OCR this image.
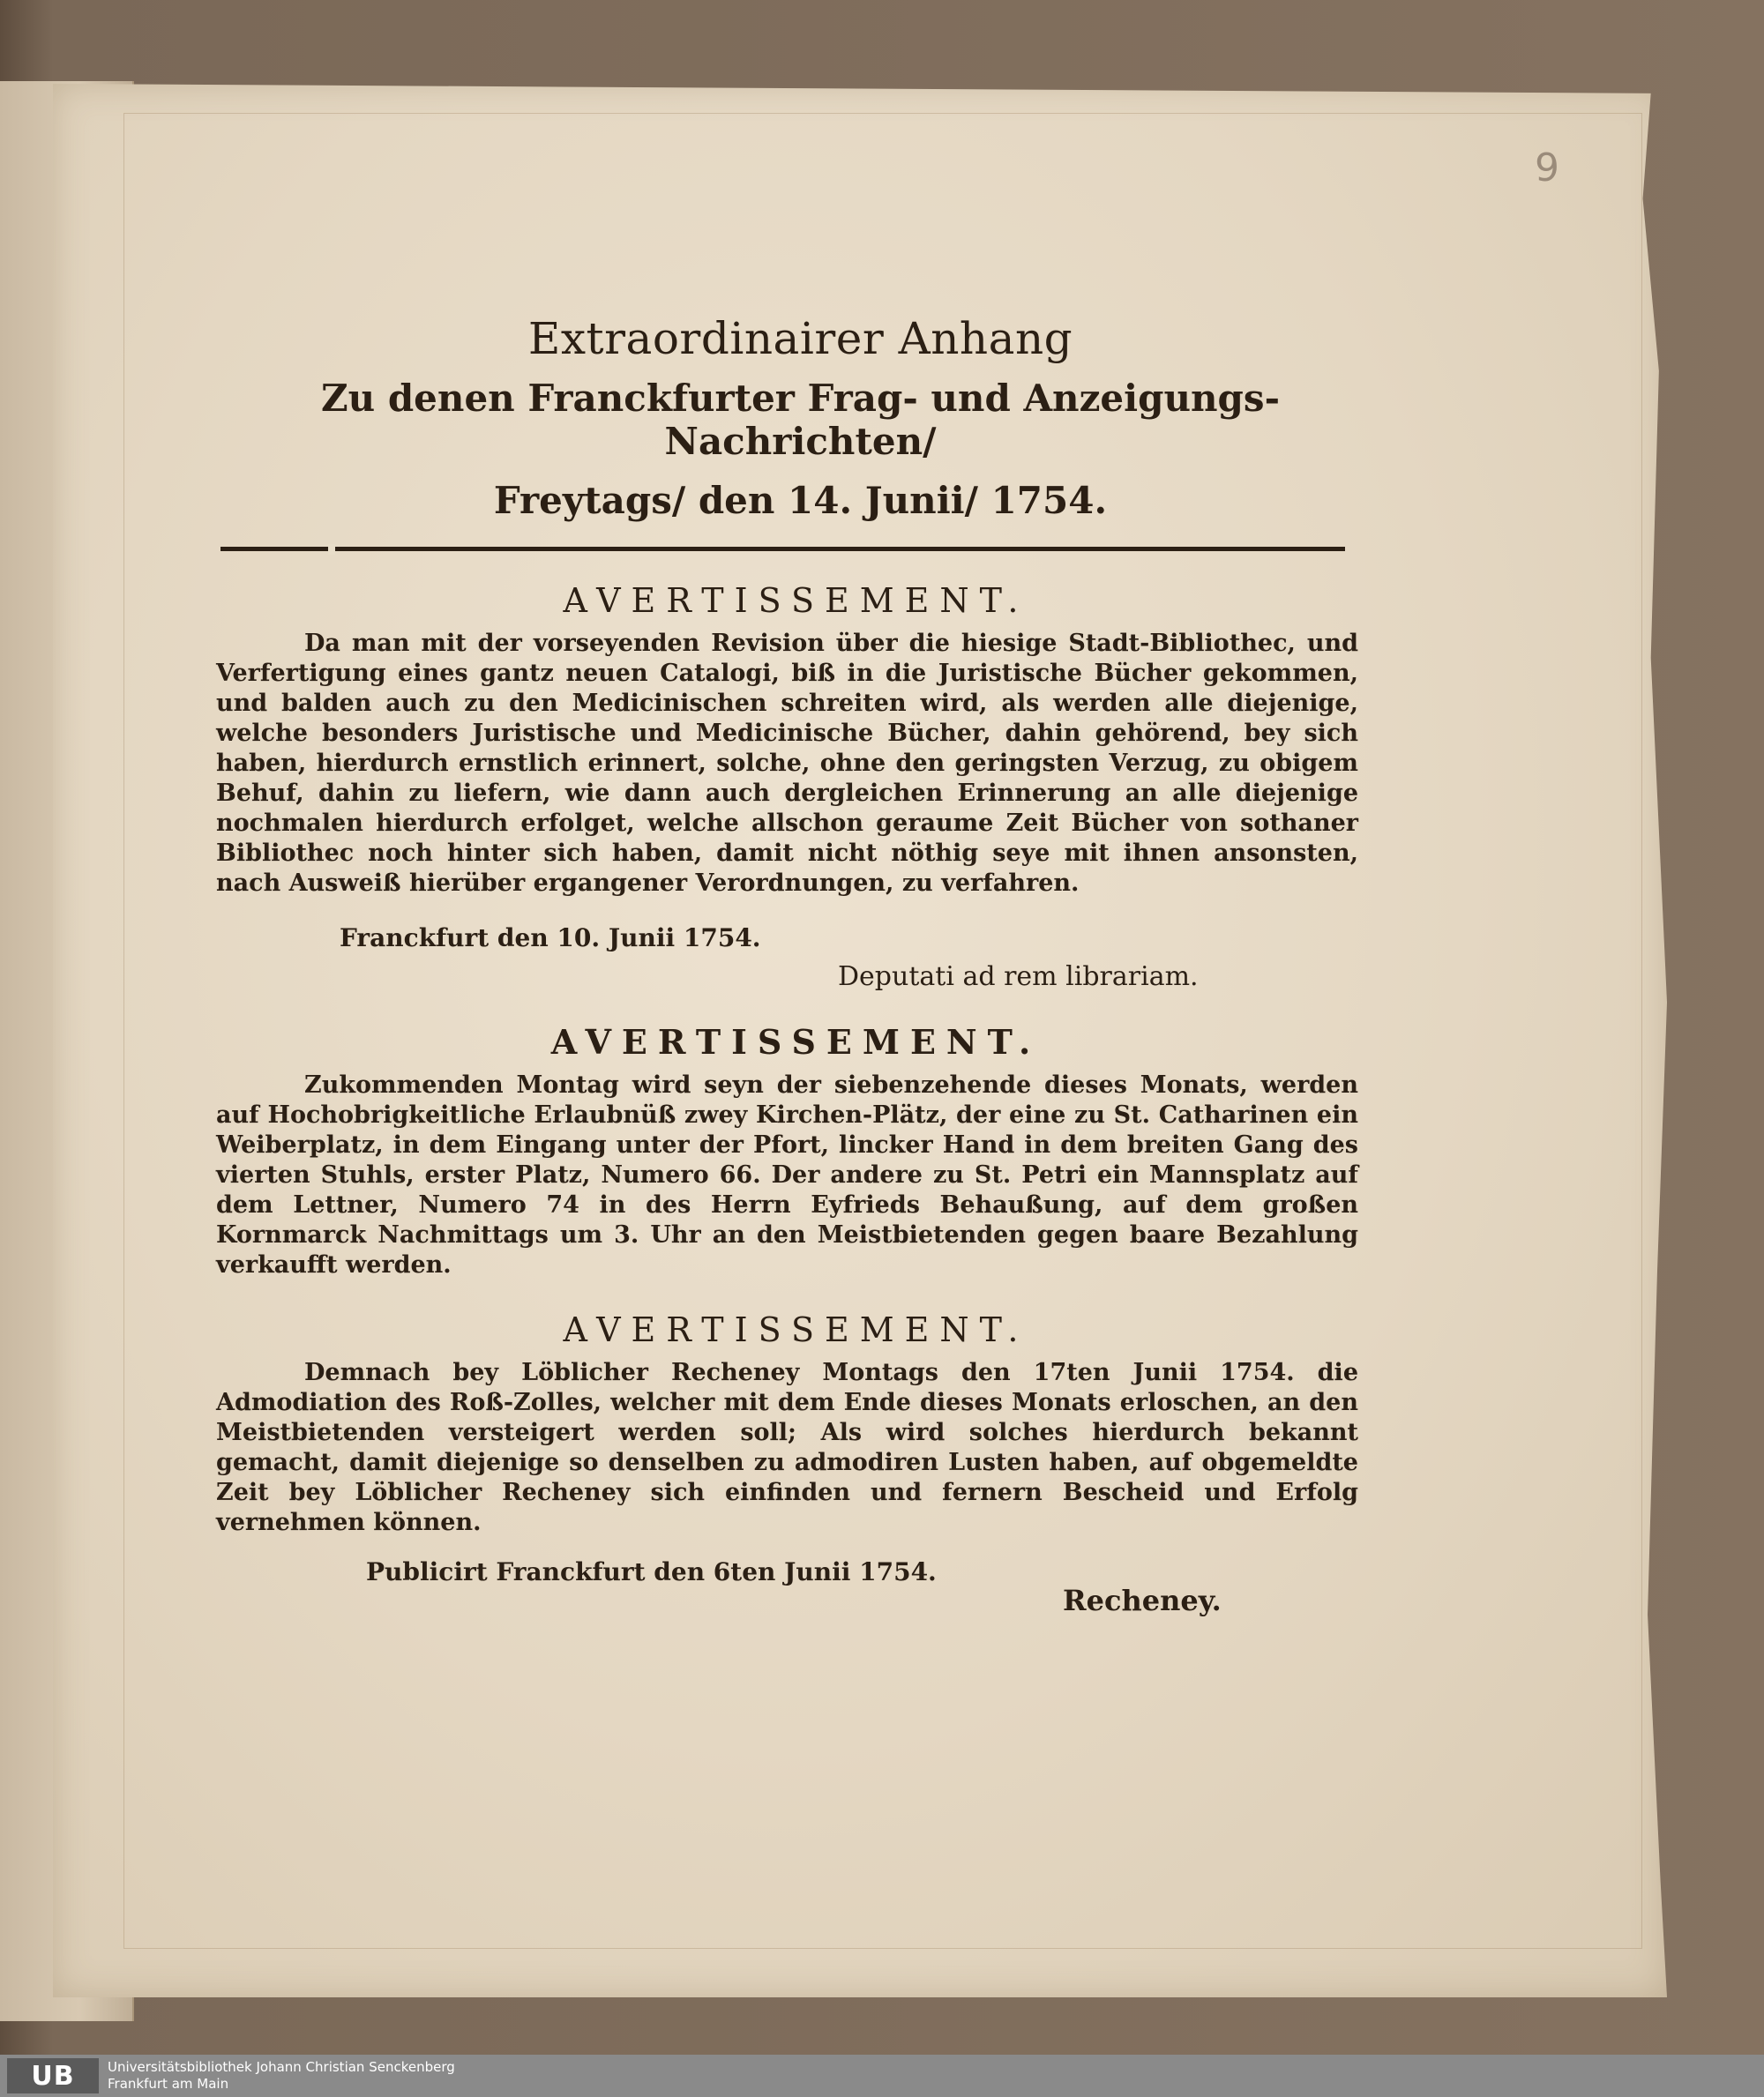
9
Extraordinairer Anhang
Zu denen Franckfurter Frag- und Anzeigungs-Nachrichten/
Freytags/ den 14. Junii/ 1754.
AVERTISSEMENT.

Da man mit der vorseyenden Revision über die hiesige Stadt-Bibliothec, und Verfertigung eines gantz neuen Catalogi, biß in die Juristische Bücher gekommen, und balden auch zu den Medicinischen schreiten wird, als werden alle diejenige, welche besonders Juristische und Medicinische Bücher, dahin gehörend, bey sich haben, hierdurch ernstlich erinnert, solche, ohne den geringsten Verzug, zu obigem Behuf, dahin zu liefern, wie dann auch dergleichen Erinnerung an alle diejenige nochmalen hierdurch erfolget, welche allschon geraume Zeit Bücher von sothaner Bibliothec noch hinter sich haben, damit nicht nöthig seye mit ihnen ansonsten, nach Ausweiß hierüber ergangener Verordnungen, zu verfahren.

Franckfurt den 10. Junii 1754.
Deputati ad rem librariam.
AVERTISSEMENT.

Zukommenden Montag wird seyn der siebenzehende dieses Monats, werden auf Hochobrigkeitliche Erlaubnüß zwey Kirchen-Plätz, der eine zu St. Catharinen ein Weiberplatz, in dem Eingang unter der Pfort, lincker Hand in dem breiten Gang des vierten Stuhls, erster Platz, Numero 66. Der andere zu St. Petri ein Mannsplatz auf dem Lettner, Numero 74 in des Herrn Eyfrieds Behaußung, auf dem großen Kornmarck Nachmittags um 3. Uhr an den Meistbietenden gegen baare Bezahlung verkaufft werden.

AVERTISSEMENT.

Demnach bey Löblicher Recheney Montags den 17ten Junii 1754. die Admodiation des Roß-Zolles, welcher mit dem Ende dieses Monats erloschen, an den Meistbietenden versteigert werden soll; Als wird solches hierdurch bekannt gemacht, damit diejenige so denselben zu admodiren Lusten haben, auf obgemeldte Zeit bey Löblicher Recheney sich einfinden und fernern Bescheid und Erfolg vernehmen können.

Publicirt Franckfurt den 6ten Junii 1754.
Recheney.
UB	Universitätsbibliothek Johann Christian Senckenberg
Frankfurt am Main
